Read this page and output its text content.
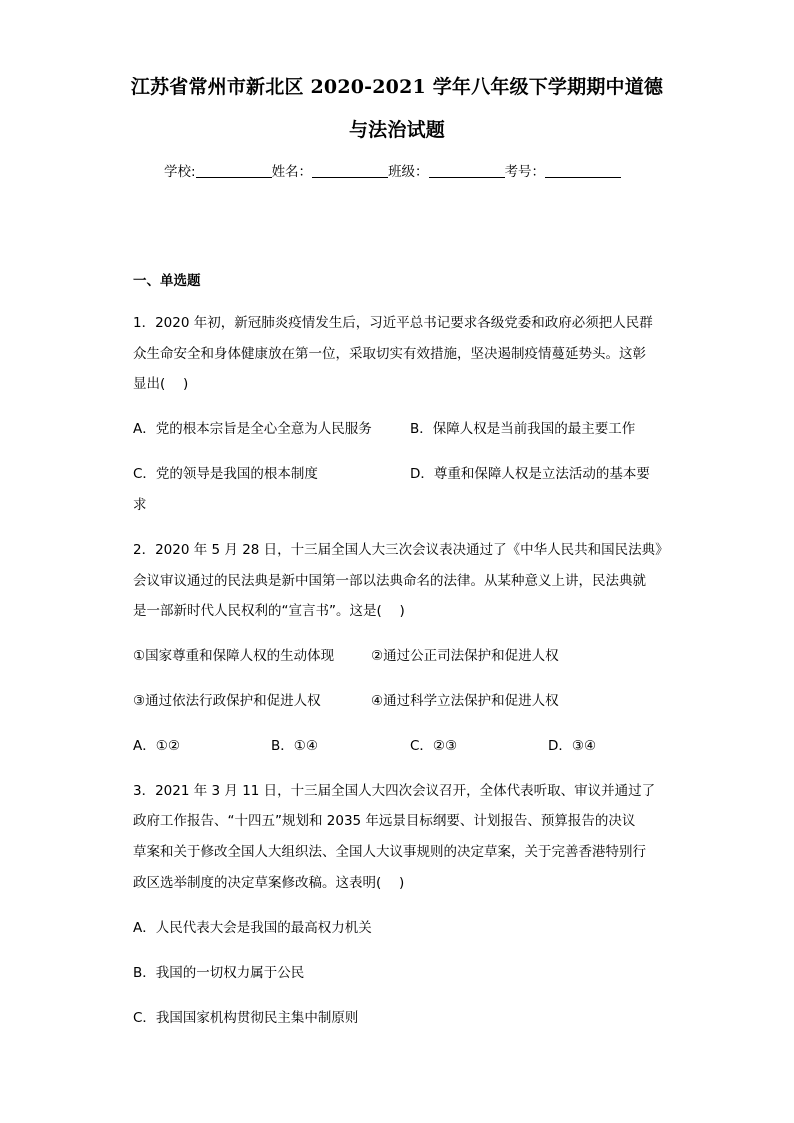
江苏省常州市新北区 2020-2021 学年八年级下学期期中道德
与法治试题
学校:	姓名：	班级：	考号：
一、单选题
1．2020 年初，新冠肺炎疫情发生后，习近平总书记要求各级党委和政府必须把人民群
众生命安全和身体健康放在第一位，采取切实有效措施，坚决遏制疫情蔓延势头。这彰
显出(　 )
A．党的根本宗旨是全心全意为人民服务	B．保障人权是当前我国的最主要工作
C．党的领导是我国的根本制度	D．尊重和保障人权是立法活动的基本要
求
2．2020 年 5 月 28 日，十三届全国人大三次会议表决通过了《中华人民共和国民法典》
会议审议通过的民法典是新中国第一部以法典命名的法律。从某种意义上讲，民法典就
是一部新时代人民权利的“宣言书”。这是(　 )
①国家尊重和保障人权的生动体现	②通过公正司法保护和促进人权
③通过依法行政保护和促进人权	④通过科学立法保护和促进人权
A．①②	B．①④	C．②③	D．③④
3．2021 年 3 月 11 日，十三届全国人大四次会议召开，全体代表听取、审议并通过了
政府工作报告、“十四五”规划和 2035 年远景目标纲要、计划报告、预算报告的决议
草案和关于修改全国人大组织法、全国人大议事规则的决定草案，关于完善香港特别行
政区选举制度的决定草案修改稿。这表明(　 )
A．人民代表大会是我国的最高权力机关
B．我国的一切权力属于公民
C．我国国家机构贯彻民主集中制原则
